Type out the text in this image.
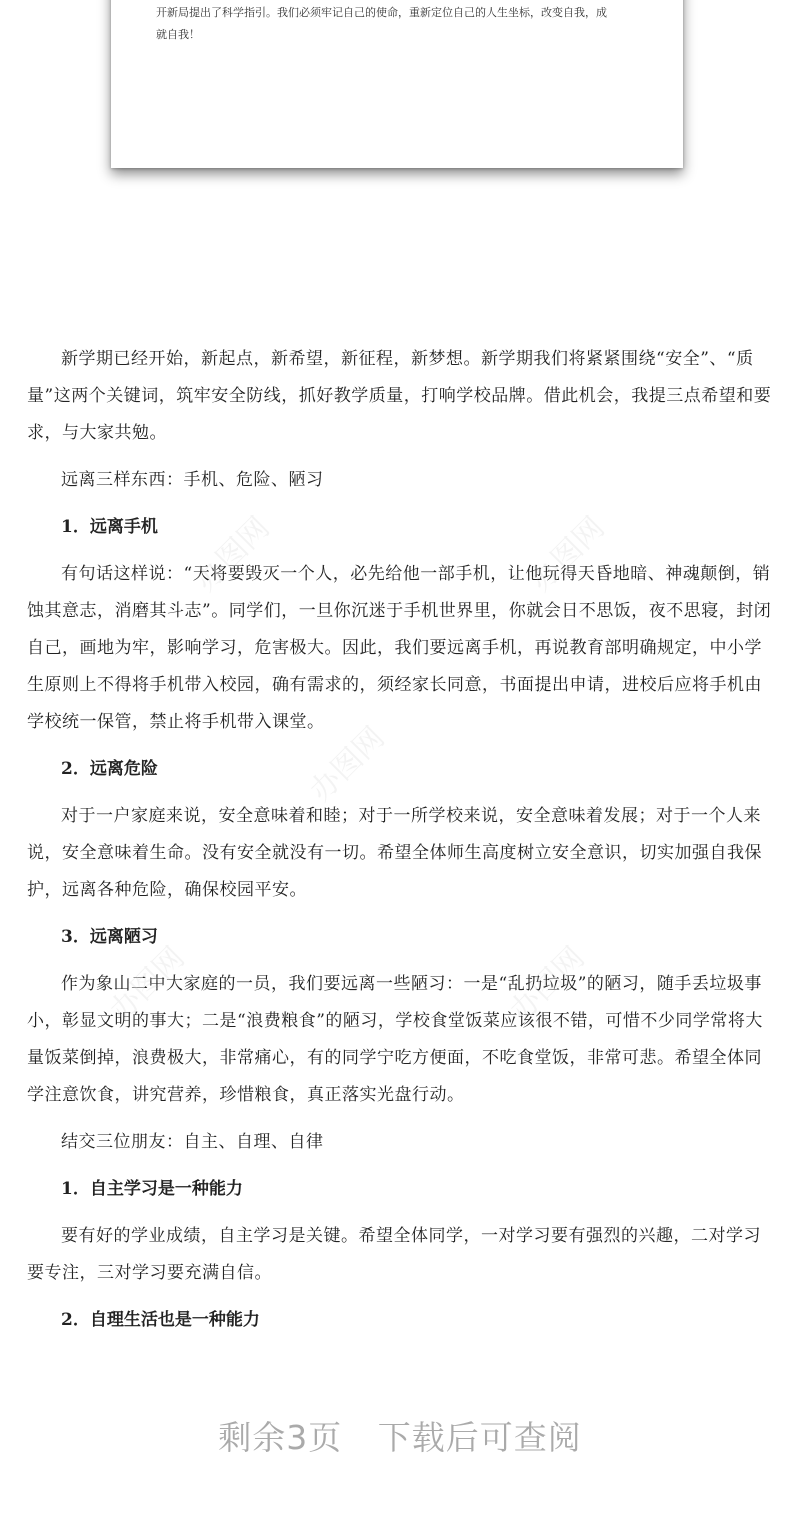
开新局提出了科学指引。我们必须牢记自己的使命，重新定位自己的人生坐标，改变自我，成
就自我！

新学期已经开始，新起点，新希望，新征程，新梦想。新学期我们将紧紧围绕“安全”、“质量”这两个关键词，筑牢安全防线，抓好教学质量，打响学校品牌。借此机会，我提三点希望和要求，与大家共勉。

远离三样东西：手机、危险、陋习

1．远离手机

有句话这样说：“天将要毁灭一个人，必先给他一部手机，让他玩得天昏地暗、神魂颠倒，销蚀其意志，消磨其斗志”。同学们，一旦你沉迷于手机世界里，你就会日不思饭，夜不思寝，封闭自己，画地为牢，影响学习，危害极大。因此，我们要远离手机，再说教育部明确规定，中小学生原则上不得将手机带入校园，确有需求的，须经家长同意，书面提出申请，进校后应将手机由学校统一保管，禁止将手机带入课堂。

2．远离危险

对于一户家庭来说，安全意味着和睦；对于一所学校来说，安全意味着发展；对于一个人来说，安全意味着生命。没有安全就没有一切。希望全体师生高度树立安全意识，切实加强自我保护，远离各种危险，确保校园平安。

3．远离陋习

作为象山二中大家庭的一员，我们要远离一些陋习：一是“乱扔垃圾”的陋习，随手丢垃圾事小，彰显文明的事大；二是“浪费粮食”的陋习，学校食堂饭菜应该很不错，可惜不少同学常将大量饭菜倒掉，浪费极大，非常痛心，有的同学宁吃方便面，不吃食堂饭，非常可悲。希望全体同学注意饮食，讲究营养，珍惜粮食，真正落实光盘行动。

结交三位朋友：自主、自理、自律

1．自主学习是一种能力

要有好的学业成绩，自主学习是关键。希望全体同学，一对学习要有强烈的兴趣，二对学习要专注，三对学习要充满自信。

2．自理生活也是一种能力

办图网	办图网
办图网
办图网	办图网
剩余3页 下载后可查阅
